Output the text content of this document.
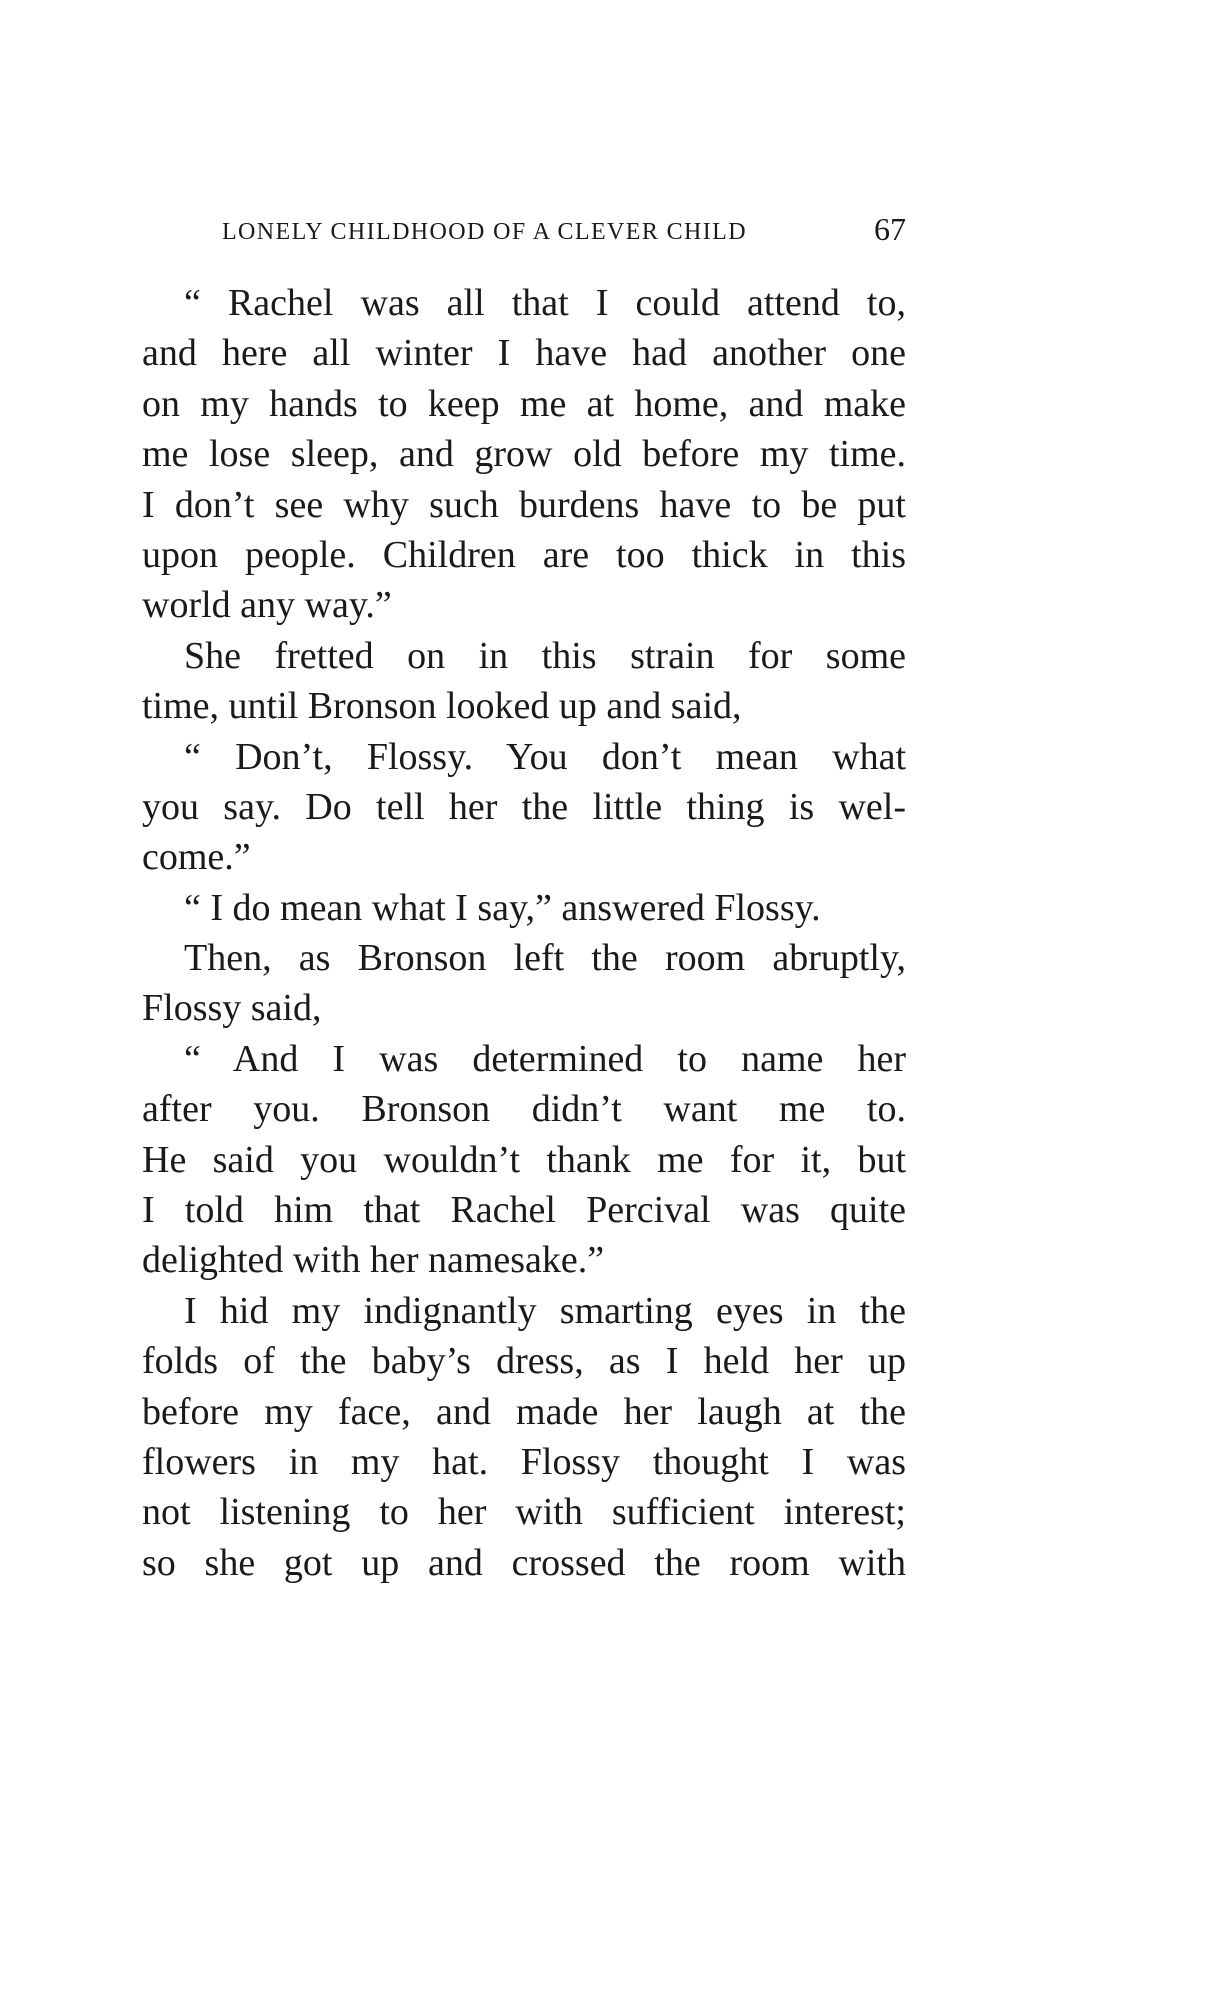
LONELY CHILDHOOD OF A CLEVER CHILD	67
“ Rachel was all that I could attend to,
and here all winter I have had another one
on my hands to keep me at home, and make
me lose sleep, and grow old before my time.
I don’t see why such burdens have to be put
upon people. Children are too thick in this
world any way.”
She fretted on in this strain for some
time, until Bronson looked up and said,
“ Don’t, Flossy. You don’t mean what
you say. Do tell her the little thing is wel-
come.”
“ I do mean what I say,” answered Flossy.
Then, as Bronson left the room abruptly,
Flossy said,
“ And I was determined to name her
after you. Bronson didn’t want me to.
He said you wouldn’t thank me for it, but
I told him that Rachel Percival was quite
delighted with her namesake.”
I hid my indignantly smarting eyes in the
folds of the baby’s dress, as I held her up
before my face, and made her laugh at the
flowers in my hat. Flossy thought I was
not listening to her with sufficient interest;
so she got up and crossed the room with
